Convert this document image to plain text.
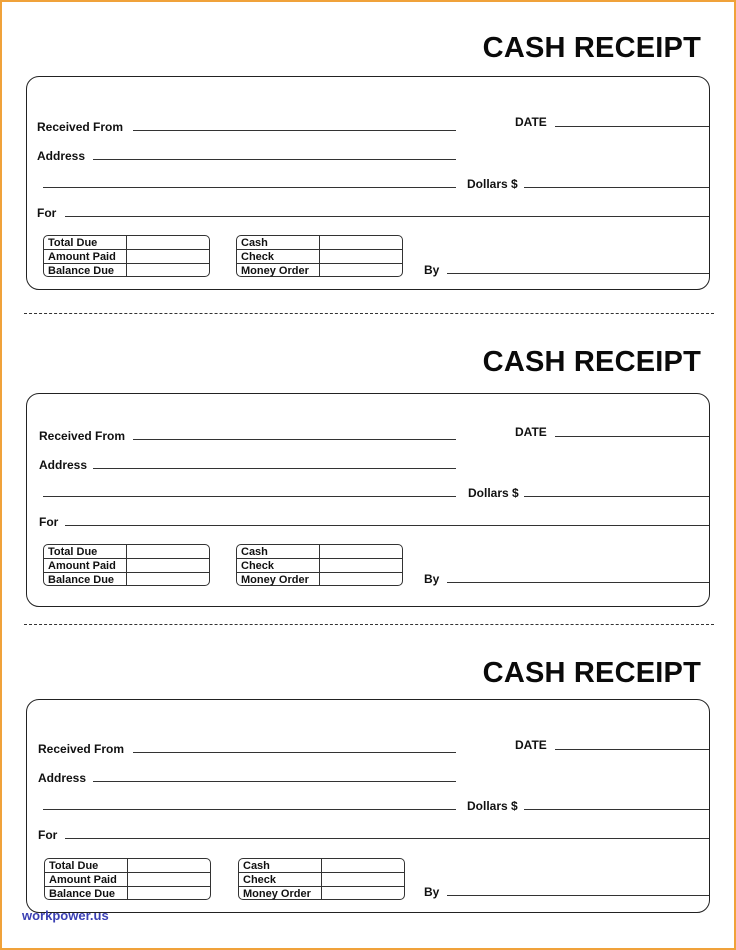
CASH RECEIPT
Received From	DATE
Address
Dollars $
For
Total Due
Amount Paid
Balance Due
Cash
Check
Money Order	By
CASH RECEIPT
Received From	DATE
Address
Dollars $
For
Total Due
Amount Paid
Balance Due
Cash
Check
Money Order	By
CASH RECEIPT
Received From	DATE
Address
Dollars $
For
Total Due
Amount Paid
Balance Due
Cash
Check
Money Order	By
workpower.us
